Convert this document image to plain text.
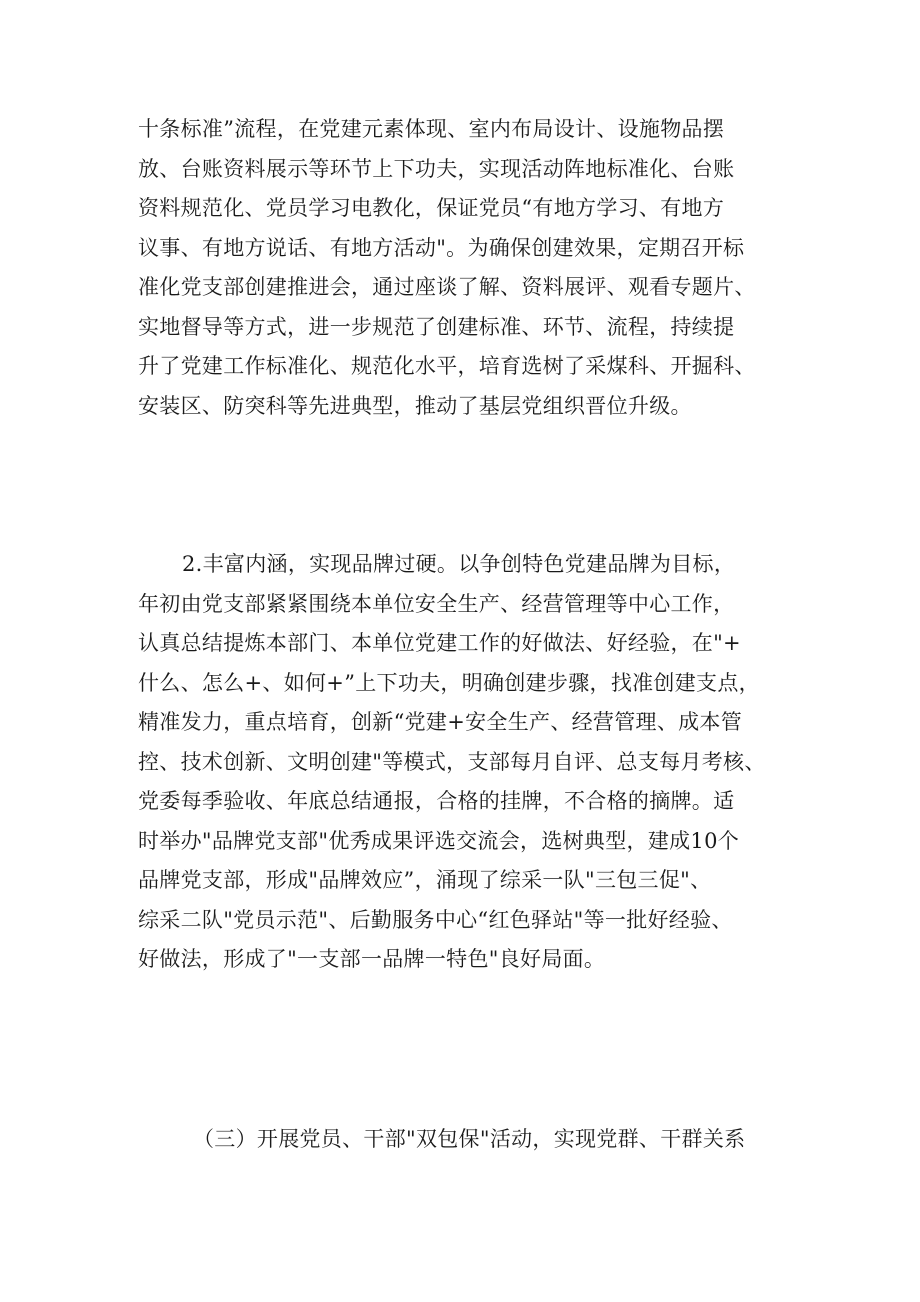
十条标准”流程，在党建元素体现、室内布局设计、设施物品摆
放、台账资料展示等环节上下功夫，实现活动阵地标准化、台账
资料规范化、党员学习电教化，保证党员“有地方学习、有地方
议事、有地方说话、有地方活动"。为确保创建效果，定期召开标
准化党支部创建推进会，通过座谈了解、资料展评、观看专题片、
实地督导等方式，进一步规范了创建标准、环节、流程，持续提
升了党建工作标准化、规范化水平，培育选树了采煤科、开掘科、
安装区、防突科等先进典型，推动了基层党组织晋位升级。
2.丰富内涵，实现品牌过硬。以争创特色党建品牌为目标，
年初由党支部紧紧围绕本单位安全生产、经营管理等中心工作，
认真总结提炼本部门、本单位党建工作的好做法、好经验，在"+
什么、怎么+、如何+”上下功夫，明确创建步骤，找准创建支点，
精准发力，重点培育，创新“党建+安全生产、经营管理、成本管
控、技术创新、文明创建"等模式，支部每月自评、总支每月考核、
党委每季验收、年底总结通报，合格的挂牌，不合格的摘牌。适
时举办"品牌党支部"优秀成果评选交流会，选树典型，建成10个
品牌党支部，形成"品牌效应”，涌现了综采一队"三包三促"、
综采二队"党员示范"、后勤服务中心“红色驿站"等一批好经验、
好做法，形成了"一支部一品牌一特色"良好局面。
（三）开展党员、干部"双包保"活动，实现党群、干群关系
